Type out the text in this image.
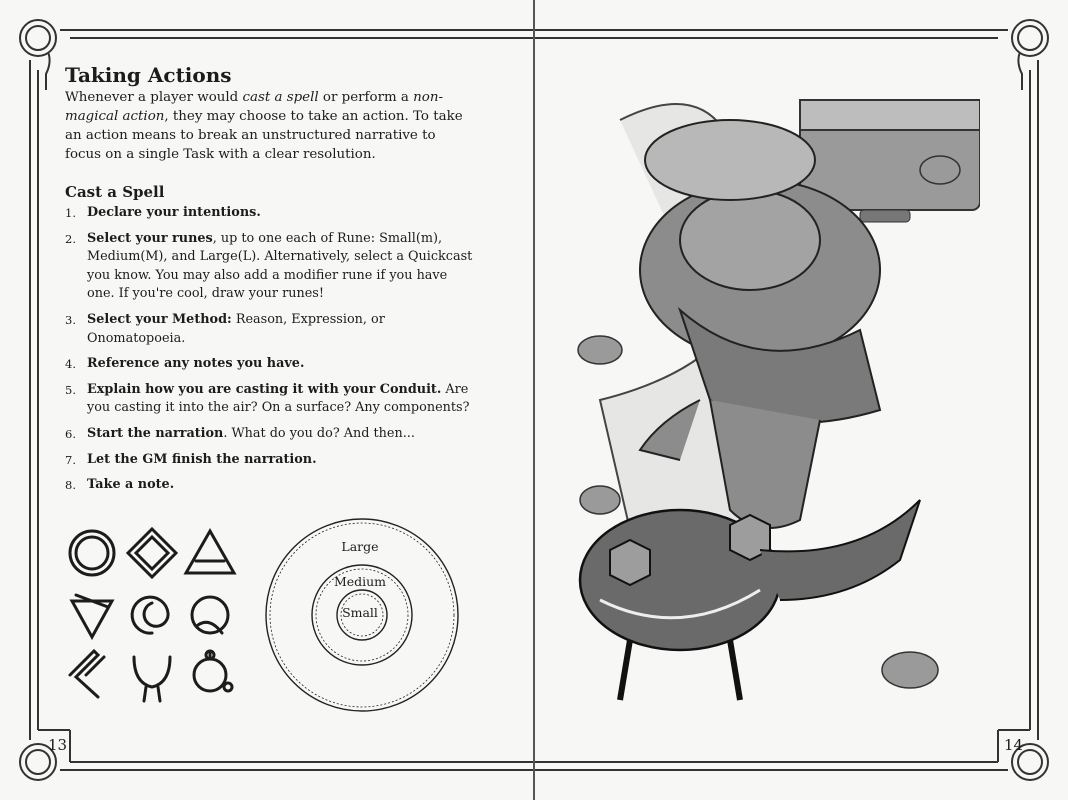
Taking Actions

Whenever a player would cast a spell or perform a non-magical action, they may choose to take an action. To take an action means to break an unstructured narrative to focus on a single Task with a clear resolution.

Cast a Spell
1. Declare your intentions.
2. Select your runes, up to one each of Rune: Small(m), Medium(M), and Large(L). Alternatively, select a Quickcast you know. You may also add a modifier rune if you have one. If you're cool, draw your runes!
3. Select your Method: Reason, Expression, or Onomatopoeia.
4. Reference any notes you have.
5. Explain how you are casting it with your Conduit. Are you casting it into the air? On a surface? Any components?
6. Start the narration. What do you do? And then...
7. Let the GM finish the narration.
8. Take a note.
Large
Medium
Small
13	14
